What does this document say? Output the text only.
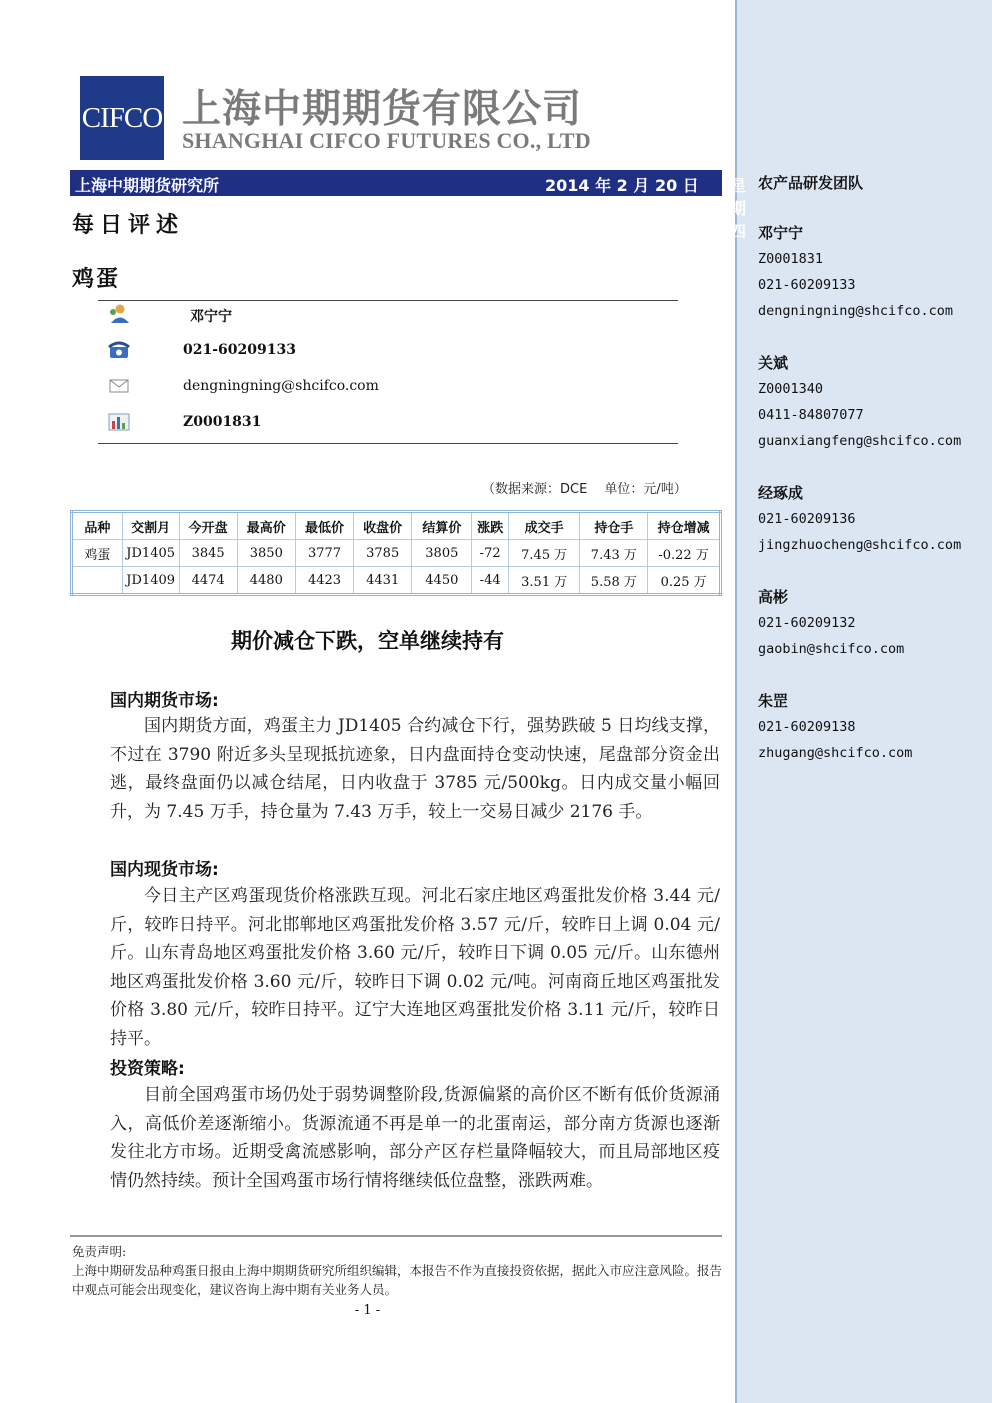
CIFCO 上海中期期货有限公司
SHANGHAI CIFCO FUTURES CO., LTD
上海中期期货研究所	2014 年 2 月 20 日 星期四
每日评述
鸡蛋
邓宁宁
021-60209133
dengningning@shcifco.com
Z0001831
（数据来源：DCE　 单位：元/吨）
品种	交割月	今开盘	最高价	最低价	收盘价	结算价	涨跌	成交手	持仓手	持仓增减
鸡蛋	JD1405	3845	3850	3777	3785	3805	-72	7.45 万	7.43 万	-0.22 万
	JD1409	4474	4480	4423	4431	4450	-44	3.51 万	5.58 万	0.25 万
期价减仓下跌，空单继续持有
国内期货市场:
国内期货方面，鸡蛋主力 JD1405 合约减仓下行，强势跌破 5 日均线支撑，不过在 3790 附近多头呈现抵抗迹象，日内盘面持仓变动快速，尾盘部分资金出逃，最终盘面仍以减仓结尾，日内收盘于 3785 元/500kg。日内成交量小幅回升，为 7.45 万手，持仓量为 7.43 万手，较上一交易日减少 2176 手。
国内现货市场:
今日主产区鸡蛋现货价格涨跌互现。河北石家庄地区鸡蛋批发价格 3.44 元/斤，较昨日持平。河北邯郸地区鸡蛋批发价格 3.57 元/斤，较昨日上调 0.04 元/斤。山东青岛地区鸡蛋批发价格 3.60 元/斤，较昨日下调 0.05 元/斤。山东德州地区鸡蛋批发价格 3.60 元/斤，较昨日下调 0.02 元/吨。河南商丘地区鸡蛋批发价格 3.80 元/斤，较昨日持平。辽宁大连地区鸡蛋批发价格 3.11 元/斤，较昨日持平。
投资策略:
目前全国鸡蛋市场仍处于弱势调整阶段,货源偏紧的高价区不断有低价货源涌入，高低价差逐渐缩小。货源流通不再是单一的北蛋南运，部分南方货源也逐渐发往北方市场。近期受禽流感影响，部分产区存栏量降幅较大，而且局部地区疫情仍然持续。预计全国鸡蛋市场行情将继续低位盘整，涨跌两难。
免责声明:
上海中期研发品种鸡蛋日报由上海中期期货研究所组织编辑，本报告不作为直接投资依据，据此入市应注意风险。报告中观点可能会出现变化，建议咨询上海中期有关业务人员。
- 1 -
农产品研发团队
邓宁宁
Z0001831
021-60209133
dengningning@shcifco.com
关斌
Z0001340
0411-84807077
guanxiangfeng@shcifco.com
经琢成
021-60209136
jingzhuocheng@shcifco.com
高彬
021-60209132
gaobin@shcifco.com
朱罡
021-60209138
zhugang@shcifco.com
